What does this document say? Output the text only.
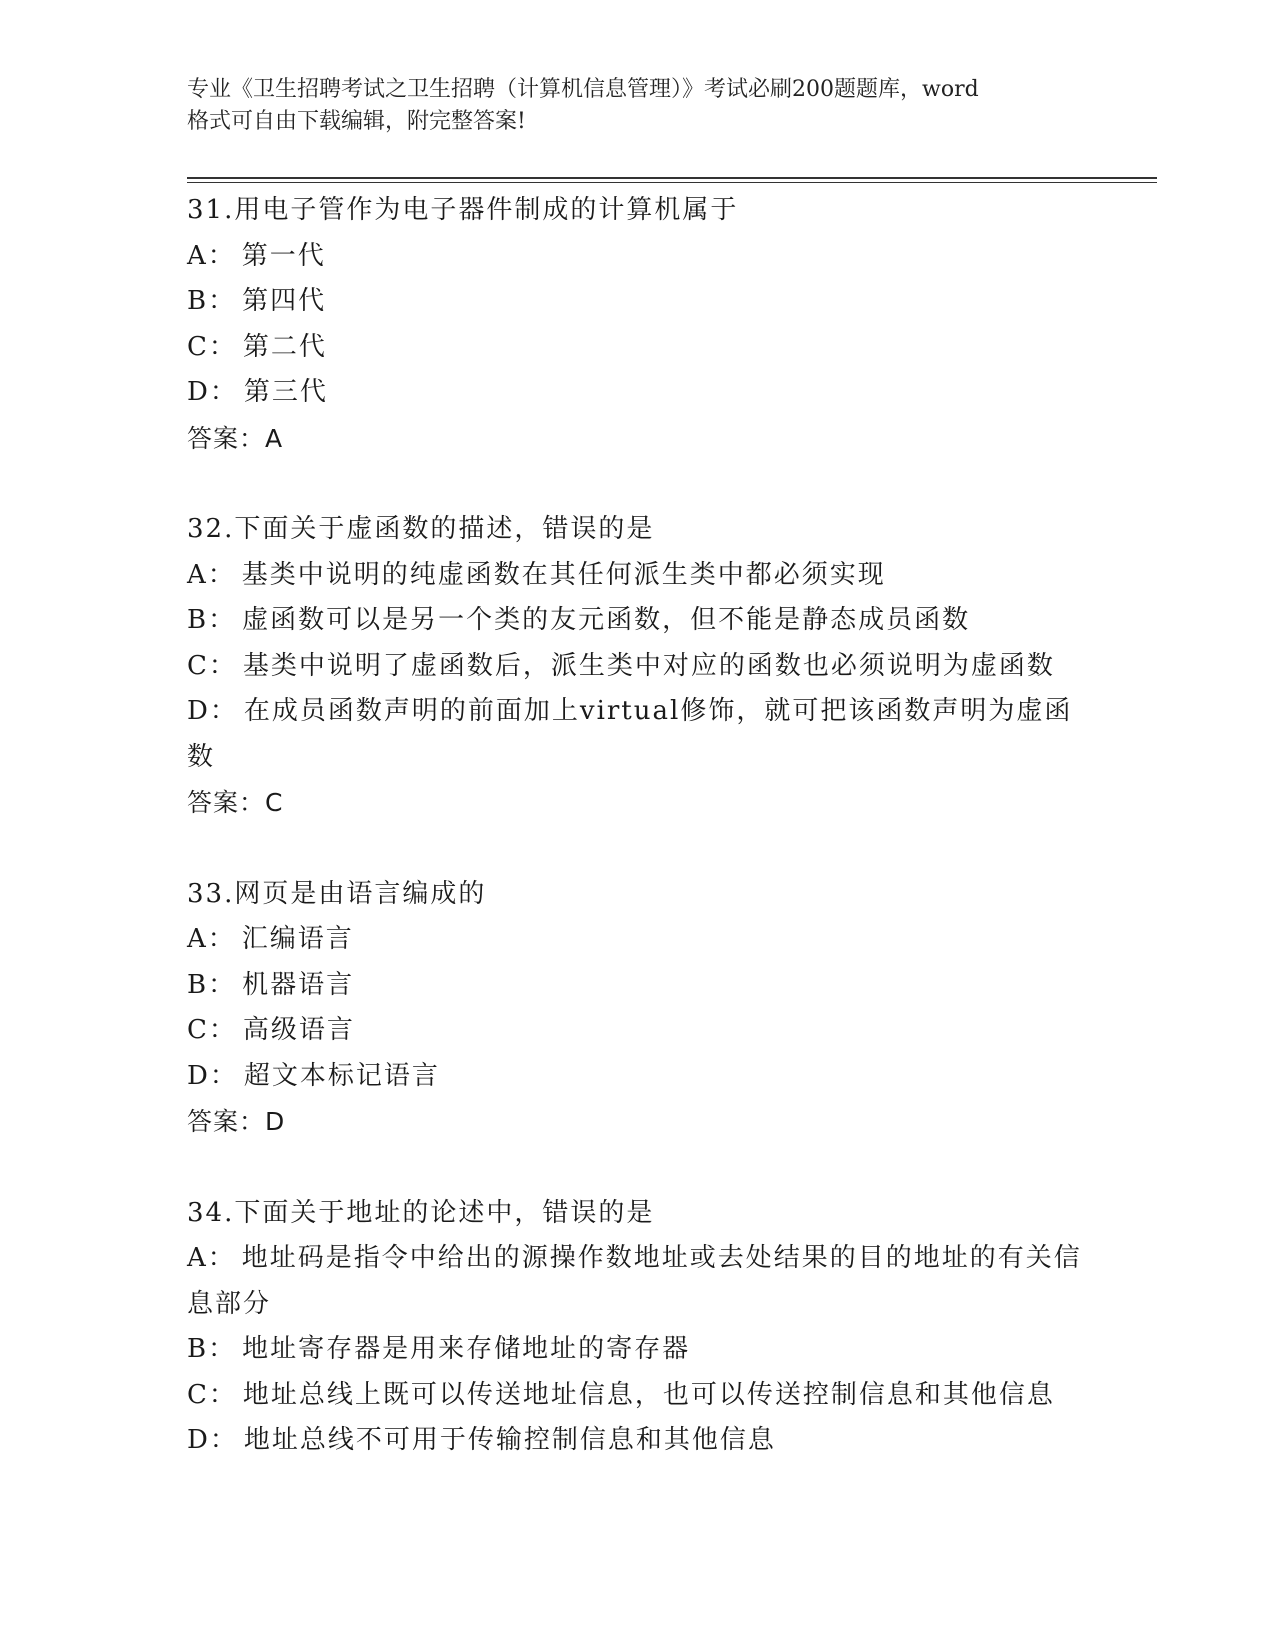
专业《卫生招聘考试之卫生招聘（计算机信息管理）》考试必刷200题题库，word
格式可自由下载编辑，附完整答案!
31.用电子管作为电子器件制成的计算机属于
A ： 第一代
B ： 第四代
C ： 第二代
D ： 第三代
答案 ： A
32.下面关于虚函数的描述，错误的是
A ： 基类中说明的纯虚函数在其任何派生类中都必须实现
B ： 虚函数可以是另一个类的友元函数，但不能是静态成员函数
C ： 基类中说明了虚函数后，派生类中对应的函数也必须说明为虚函数
D ： 在成员函数声明的前面加上virtual修饰，就可把该函数声明为虚函数
答案 ： C
33.网页是由语言编成的
A ： 汇编语言
B ： 机器语言
C ： 高级语言
D ： 超文本标记语言
答案 ： D
34.下面关于地址的论述中，错误的是
A ： 地址码是指令中给出的源操作数地址或去处结果的目的地址的有关信息部分
B ： 地址寄存器是用来存储地址的寄存器
C ： 地址总线上既可以传送地址信息，也可以传送控制信息和其他信息
D ： 地址总线不可用于传输控制信息和其他信息
